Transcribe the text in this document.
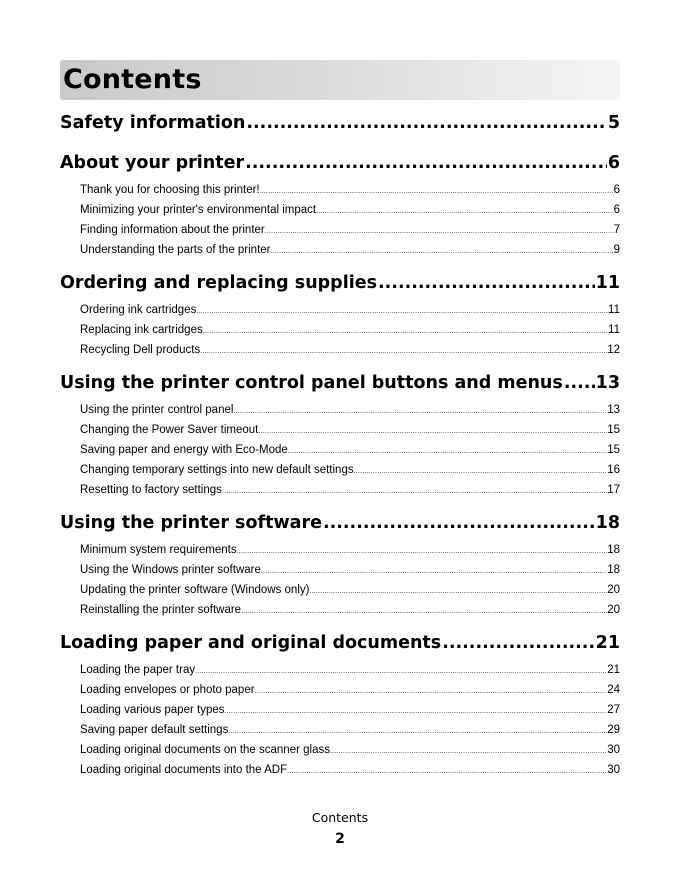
Contents
Safety information .....	5
About your printer .....	6
Thank you for choosing this printer! .....	6
Minimizing your printer's environmental impact .....	6
Finding information about the printer .....	7
Understanding the parts of the printer .....	9
Ordering and replacing supplies .....	11
Ordering ink cartridges .....	11
Replacing ink cartridges .....	11
Recycling Dell products .....	12
Using the printer control panel buttons and menus ..... 13
Using the printer control panel .....	13
Changing the Power Saver timeout .....	15
Saving paper and energy with Eco-Mode .....	15
Changing temporary settings into new default settings .....	16
Resetting to factory settings .....	17
Using the printer software .....	18
Minimum system requirements .....	18
Using the Windows printer software .....	18
Updating the printer software (Windows only) .....	20
Reinstalling the printer software .....	20
Loading paper and original documents .....	21
Loading the paper tray .....	21
Loading envelopes or photo paper .....	24
Loading various paper types .....	27
Saving paper default settings .....	29
Loading original documents on the scanner glass .....	30
Loading original documents into the ADF .....	30
Contents
2
